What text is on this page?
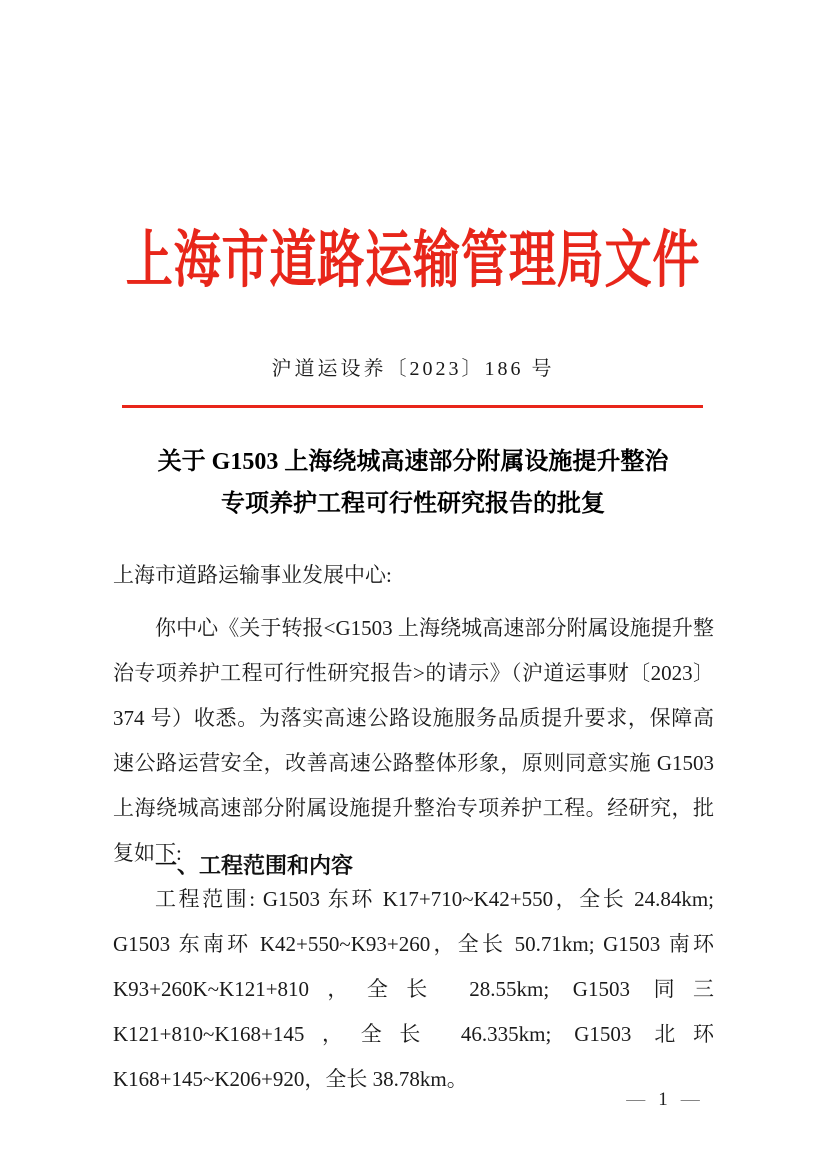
上海市道路运输管理局文件
沪道运设养〔2023〕186 号
关于 G1503 上海绕城高速部分附属设施提升整治
专项养护工程可行性研究报告的批复
上海市道路运输事业发展中心:

你中心《关于转报<G1503 上海绕城高速部分附属设施提升整治专项养护工程可行性研究报告>的请示》（沪道运事财〔2023〕374 号）收悉。为落实高速公路设施服务品质提升要求，保障高速公路运营安全，改善高速公路整体形象，原则同意实施 G1503 上海绕城高速部分附属设施提升整治专项养护工程。经研究，批复如下:

一、工程范围和内容

工程范围: G1503 东环 K17+710~K42+550，全长 24.84km; G1503 东南环 K42+550~K93+260，全长 50.71km; G1503 南环 K93+260K~K121+810，全长 28.55km; G1503 同三 K121+810~K168+145，全长 46.335km; G1503 北环 K168+145~K206+920，全长 38.78km。

— 1 —
